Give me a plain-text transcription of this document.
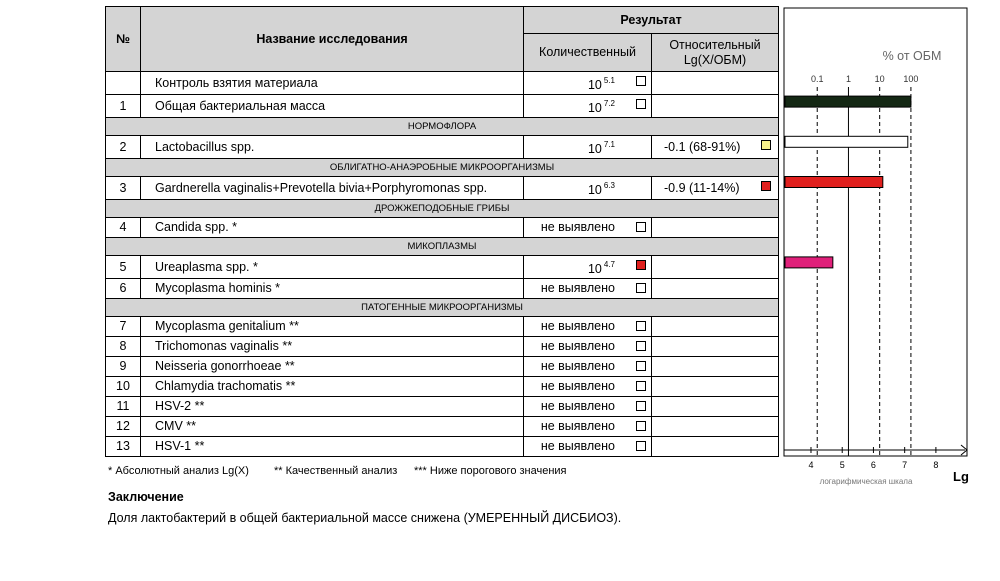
№	Название исследования	Результат	
		Количественный	Относительный
Lg(X/ОБМ)
	Контроль взятия материала	10 $^{5.1}$

1	Общая бактериальная масса	10 $^{7.2}$

НОРМОФЛОРА			
2	Lactobacillus spp.	10 $^{7.1}$	-0.1 (68-91%)

ОБЛИГАТНО-АНАЭРОБНЫЕ МИКРООРГАНИЗМЫ			
3	Gardnerella vaginalis+Prevotella bivia+Porphyromonas spp.	10 $^{6.3}$	-0.9 (11-14%)

ДРОЖЖЕПОДОБНЫЕ ГРИБЫ			
4	Candida spp. *	не выявлено

МИКОПЛАЗМЫ			
5	Ureaplasma spp. *	10 $^{4.7}$

6	Mycoplasma hominis *	не выявлено

ПАТОГЕННЫЕ МИКРООРГАНИЗМЫ			
7	Mycoplasma genitalium **	не выявлено

8	Trichomonas vaginalis **	не выявлено

9	Neisseria gonorrhoeae **	не выявлено

10	Chlamydia trachomatis **	не выявлено

11	HSV-2 **	не выявлено

12	CMV **	не выявлено

13	HSV-1 **	не выявлено

% от ОБМ
0.1 1	10 100
4	5	6	7	8
логарифмическая шкала	Lg
* Абсолютный анализ Lg(X) ** Качественный анализ *** Ниже порогового значения
Заключение
Доля лактобактерий в общей бактериальной массе снижена (УМЕРЕННЫЙ ДИСБИОЗ).
